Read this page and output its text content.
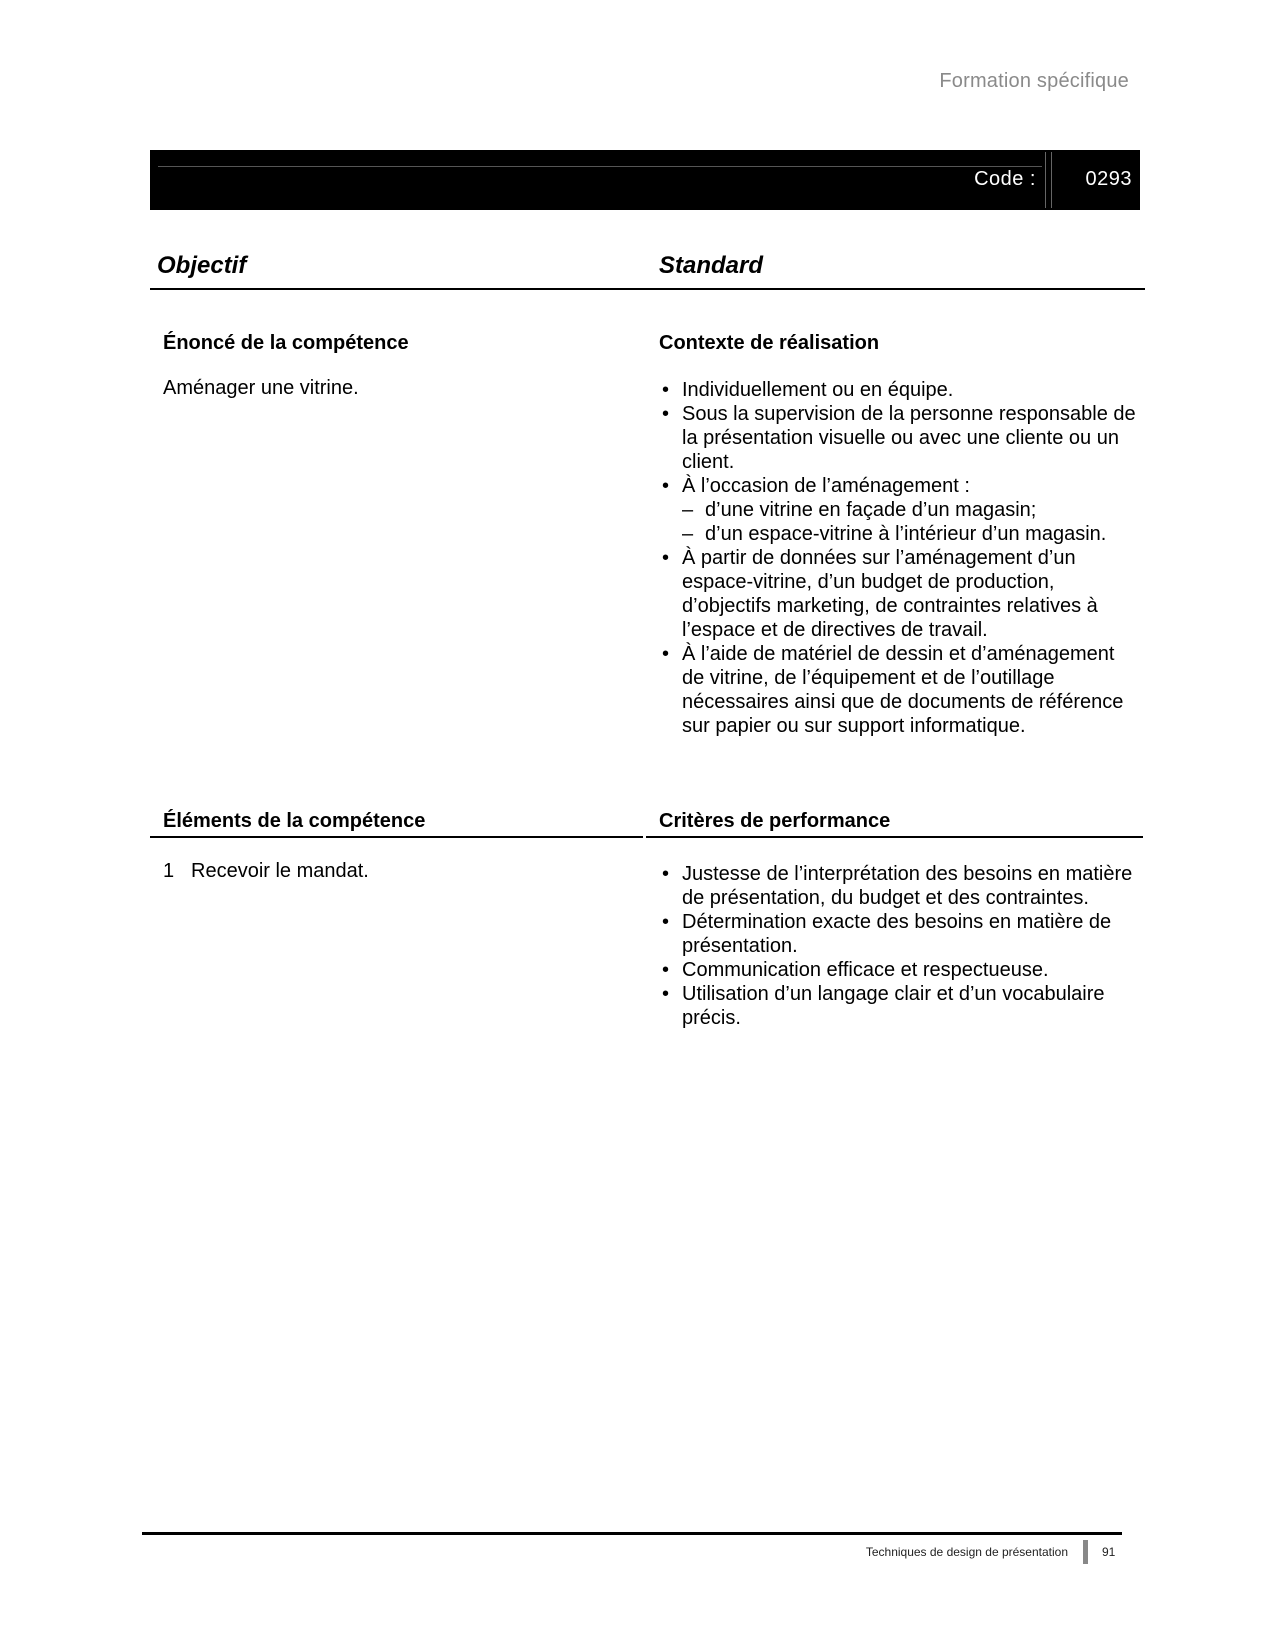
Formation spécifique
Code : 0293
Objectif	Standard
Énoncé de la compétence
Aménager une vitrine.
Contexte de réalisation
• Individuellement ou en équipe.
• Sous la supervision de la personne responsable de la présentation visuelle ou avec une cliente ou un client.
• À l’occasion de l’aménagement :
– d’une vitrine en façade d’un magasin;
– d’un espace-vitrine à l’intérieur d’un magasin.
• À partir de données sur l’aménagement d’un espace-vitrine, d’un budget de production, d’objectifs marketing, de contraintes relatives à l’espace et de directives de travail.
• À l’aide de matériel de dessin et d’aménagement de vitrine, de l’équipement et de l’outillage nécessaires ainsi que de documents de référence sur papier ou sur support informatique.
Éléments de la compétence	Critères de performance
1 Recevoir le mandat.
•	Justesse de l’interprétation des besoins en matière de présentation, du budget et des contraintes.
• Détermination exacte des besoins en matière de présentation.
• Communication efficace et respectueuse.
• Utilisation d’un langage clair et d’un vocabulaire précis.
Techniques de design de présentation	91
